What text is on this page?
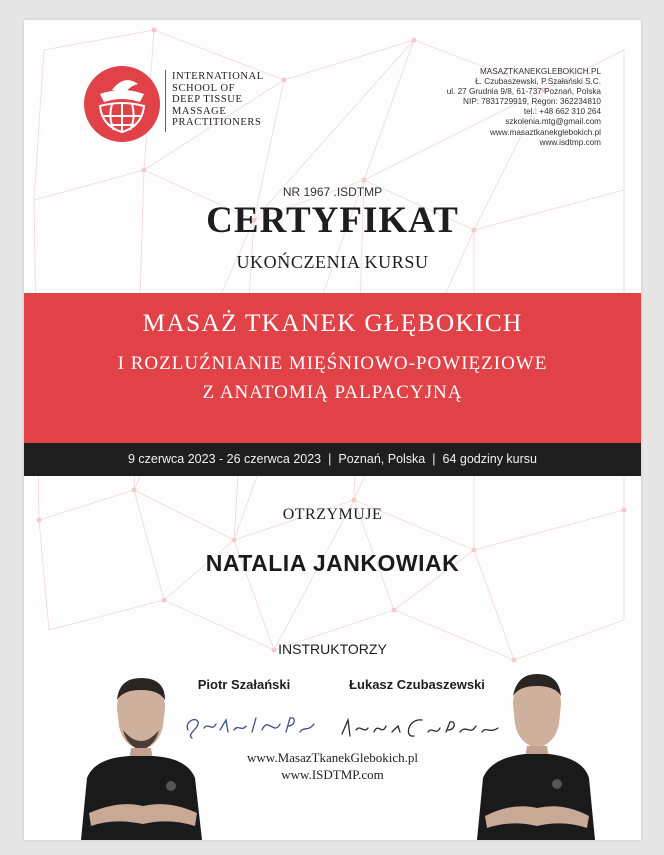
INTERNATIONAL
SCHOOL OF
DEEP TISSUE
MASSAGE
PRACTITIONERS
MASAZTKANEKGLEBOKICH.PL
Ł. Czubaszewski, P.Szałański S.C.
ul. 27 Grudnia 9/8, 61-737 Poznań, Polska
NIP: 7831729919, Regon: 362234810
tel.: +48 662 310 264
szkolenia.mtg@gmail.com
www.masaztkanekglebokich.pl
www.isdtmp.com
NR 1967 .ISDTMP
CERTYFIKAT
UKOŃCZENIA KURSU
MASAŻ TKANEK GŁĘBOKICH
I ROZLUŹNIANIE MIĘŚNIOWO-POWIĘZIOWE
Z ANATOMIĄ PALPACYJNĄ
9 czerwca 2023 - 26 czerwca 2023 | Poznań, Polska | 64 godziny kursu
OTRZYMUJE
NATALIA JANKOWIAK
INSTRUKTORZY
Piotr Szałański	Łukasz Czubaszewski
www.MasazTkanekGlebokich.pl
www.ISDTMP.com
